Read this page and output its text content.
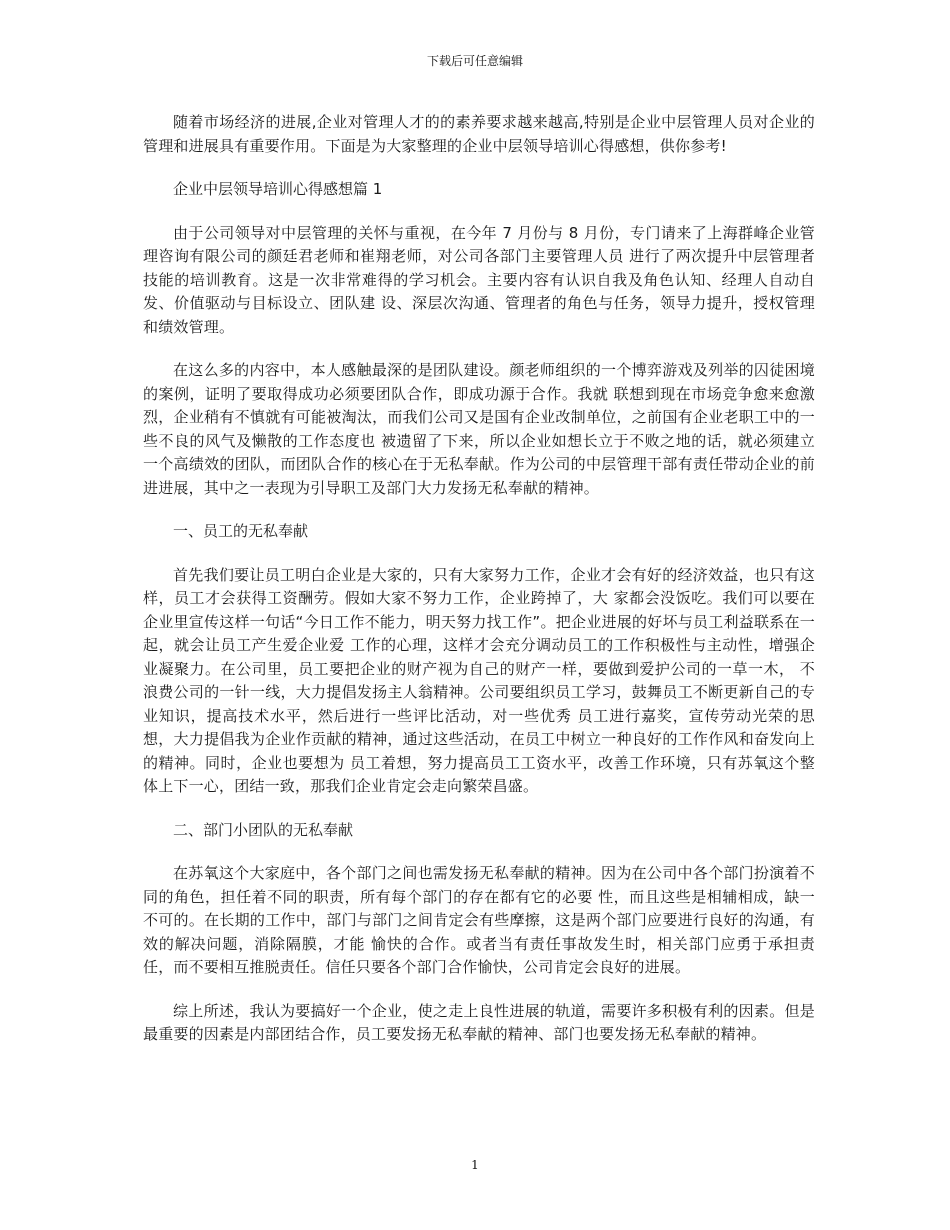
下载后可任意编辑

随着市场经济的进展,企业对管理人才的的素养要求越来越高,特别是企业中层管理人员对企业的管理和进展具有重要作用。下面是为大家整理的企业中层领导培训心得感想，供你参考!

企业中层领导培训心得感想篇 1

由于公司领导对中层管理的关怀与重视，在今年 7 月份与 8 月份，专门请来了上海群峰企业管理咨询有限公司的颜廷君老师和崔翔老师，对公司各部门主要管理人员 进行了两次提升中层管理者技能的培训教育。这是一次非常难得的学习机会。主要内容有认识自我及角色认知、经理人自动自发、价值驱动与目标设立、团队建 设、深层次沟通、管理者的角色与任务，领导力提升，授权管理和绩效管理。

在这么多的内容中，本人感触最深的是团队建设。颜老师组织的一个博弈游戏及列举的囚徒困境的案例，证明了要取得成功必须要团队合作，即成功源于合作。我就 联想到现在市场竞争愈来愈激烈，企业稍有不慎就有可能被淘汰，而我们公司又是国有企业改制单位，之前国有企业老职工中的一些不良的风气及懒散的工作态度也 被遗留了下来，所以企业如想长立于不败之地的话，就必须建立一个高绩效的团队，而团队合作的核心在于无私奉献。作为公司的中层管理干部有责任带动企业的前 进进展，其中之一表现为引导职工及部门大力发扬无私奉献的精神。

一、员工的无私奉献

首先我们要让员工明白企业是大家的，只有大家努力工作，企业才会有好的经济效益，也只有这样，员工才会获得工资酬劳。假如大家不努力工作，企业跨掉了，大 家都会没饭吃。我们可以要在企业里宣传这样一句话“今日工作不能力，明天努力找工作”。把企业进展的好坏与员工利益联系在一起，就会让员工产生爱企业爱 工作的心理，这样才会充分调动员工的工作积极性与主动性，增强企业凝聚力。在公司里，员工要把企业的财产视为自己的财产一样，要做到爱护公司的一草一木， 不浪费公司的一针一线，大力提倡发扬主人翁精神。公司要组织员工学习，鼓舞员工不断更新自己的专业知识，提高技术水平，然后进行一些评比活动，对一些优秀 员工进行嘉奖，宣传劳动光荣的思想，大力提倡我为企业作贡献的精神，通过这些活动，在员工中树立一种良好的工作作风和奋发向上的精神。同时，企业也要想为 员工着想，努力提高员工工资水平，改善工作环境，只有苏氧这个整体上下一心，团结一致，那我们企业肯定会走向繁荣昌盛。

二、部门小团队的无私奉献

在苏氧这个大家庭中，各个部门之间也需发扬无私奉献的精神。因为在公司中各个部门扮演着不同的角色，担任着不同的职责，所有每个部门的存在都有它的必要 性，而且这些是相辅相成，缺一不可的。在长期的工作中，部门与部门之间肯定会有些摩擦，这是两个部门应要进行良好的沟通，有效的解决问题，消除隔膜，才能 愉快的合作。或者当有责任事故发生时，相关部门应勇于承担责任，而不要相互推脱责任。信任只要各个部门合作愉快，公司肯定会良好的进展。

综上所述，我认为要搞好一个企业，使之走上良性进展的轨道，需要许多积极有利的因素。但是最重要的因素是内部团结合作，员工要发扬无私奉献的精神、部门也要发扬无私奉献的精神。

1
